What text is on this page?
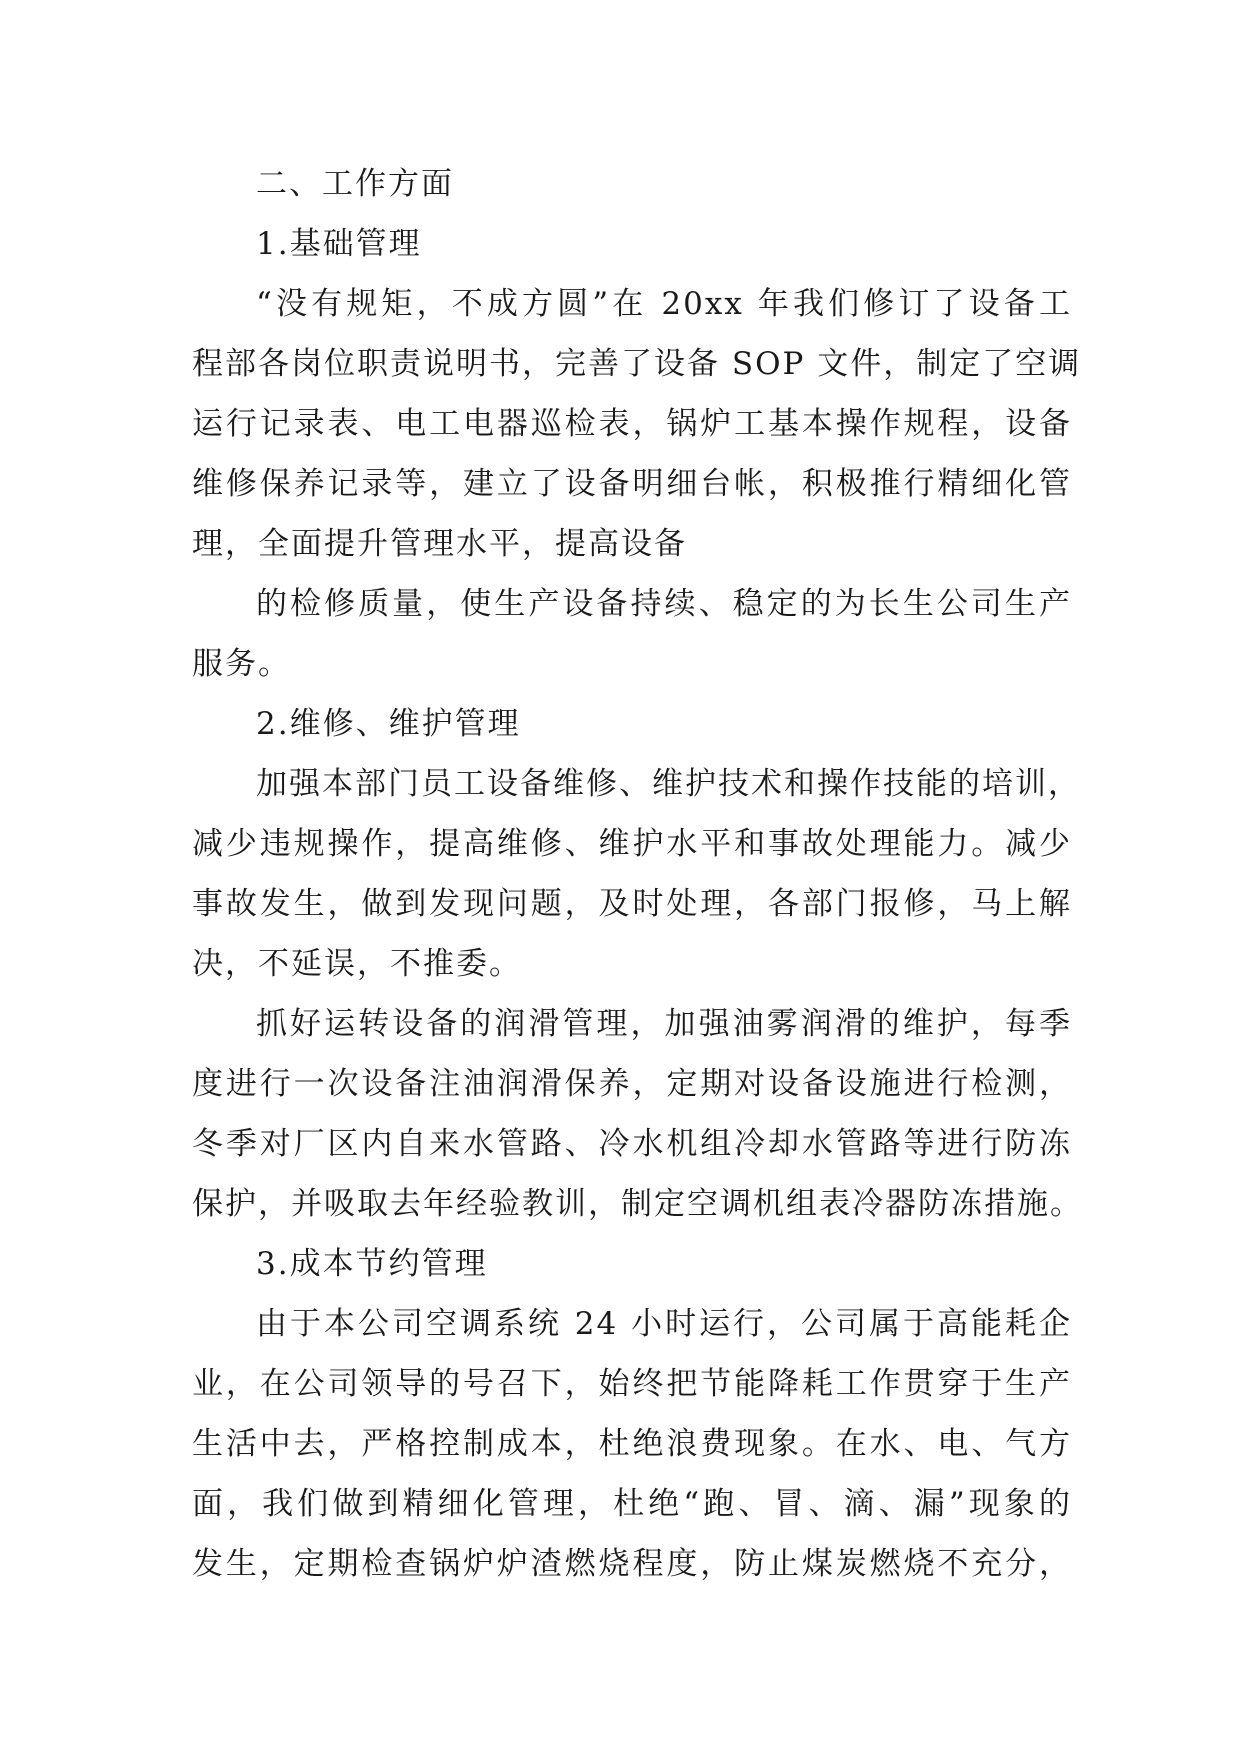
二、工作方面
1.基础管理
“没有规矩，不成方圆”在 20xx 年我们修订了设备工
程部各岗位职责说明书，完善了设备 SOP 文件，制定了空调
运行记录表、电工电器巡检表，锅炉工基本操作规程，设备
维修保养记录等，建立了设备明细台帐，积极推行精细化管
理，全面提升管理水平，提高设备
的检修质量，使生产设备持续、稳定的为长生公司生产
服务。
2.维修、维护管理
加强本部门员工设备维修、维护技术和操作技能的培训，
减少违规操作，提高维修、维护水平和事故处理能力。减少
事故发生，做到发现问题，及时处理，各部门报修，马上解
决，不延误，不推委。
抓好运转设备的润滑管理，加强油雾润滑的维护，每季
度进行一次设备注油润滑保养，定期对设备设施进行检测，
冬季对厂区内自来水管路、冷水机组冷却水管路等进行防冻
保护，并吸取去年经验教训，制定空调机组表冷器防冻措施。
3.成本节约管理
由于本公司空调系统 24 小时运行，公司属于高能耗企
业，在公司领导的号召下，始终把节能降耗工作贯穿于生产
生活中去，严格控制成本，杜绝浪费现象。在水、电、气方
面，我们做到精细化管理，杜绝“跑、冒、滴、漏”现象的
发生，定期检查锅炉炉渣燃烧程度，防止煤炭燃烧不充分，
